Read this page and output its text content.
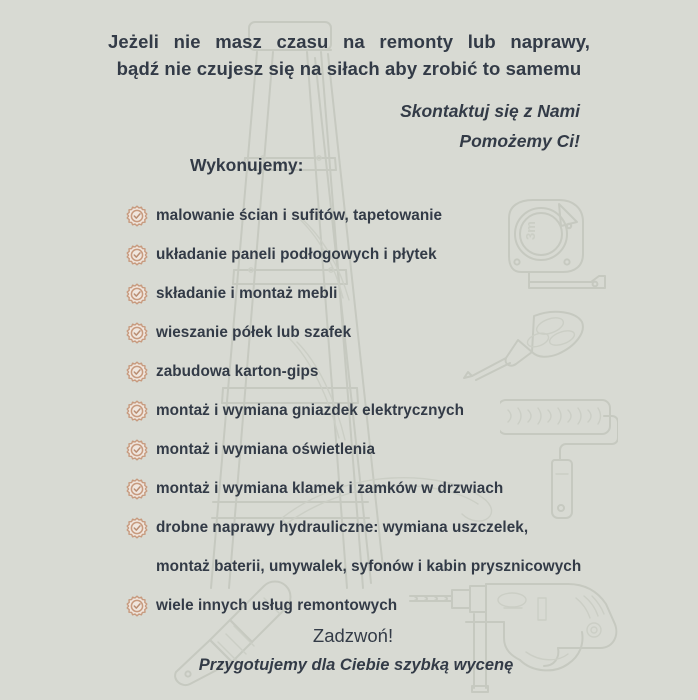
3m
Jeżeli nie masz czasu na remonty lub naprawy,
bądź nie czujesz się na siłach aby zrobić to samemu
Skontaktuj się z Nami
Pomożemy Ci!
Wykonujemy:
malowanie ścian i sufitów, tapetowanie
układanie paneli podłogowych i płytek
składanie i montaż mebli
wieszanie półek lub szafek
zabudowa karton-gips
montaż i wymiana gniazdek elektrycznych
montaż i wymiana oświetlenia
montaż i wymiana klamek i zamków w drzwiach
drobne naprawy hydrauliczne: wymiana uszczelek,
montaż baterii, umywalek, syfonów i kabin prysznicowych
wiele innych usług remontowych
Zadzwoń!
Przygotujemy dla Ciebie szybką wycenę
